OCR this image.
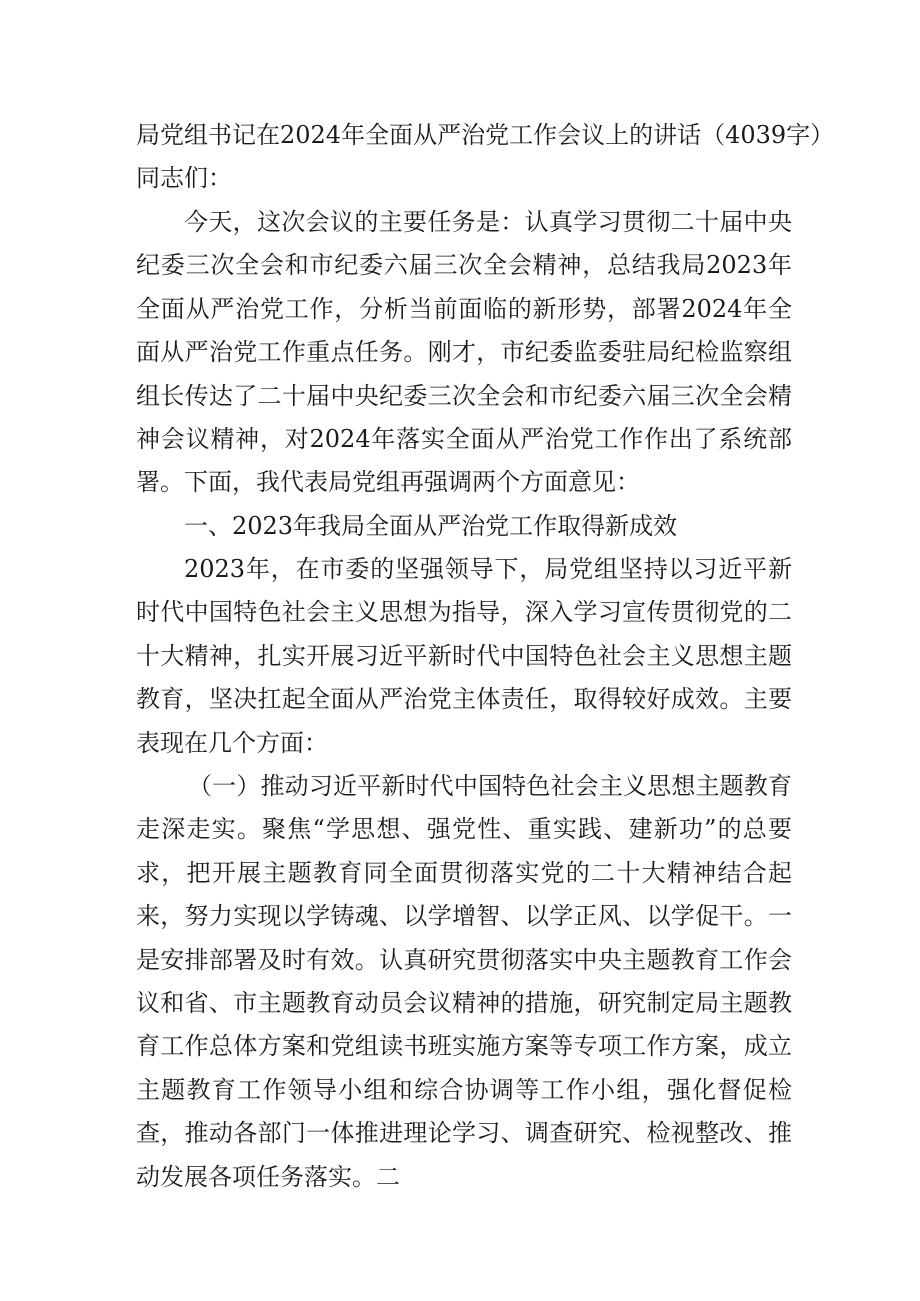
局党组书记在2024年全面从严治党工作会议上的讲话（4039字）
同志们：
今天，这次会议的主要任务是：认真学习贯彻二十届中央纪委三次全会和市纪委六届三次全会精神，总结我局2023年全面从严治党工作，分析当前面临的新形势，部署2024年全面从严治党工作重点任务。刚才，市纪委监委驻局纪检监察组组长传达了二十届中央纪委三次全会和市纪委六届三次全会精神会议精神，对2024年落实全面从严治党工作作出了系统部署。下面，我代表局党组再强调两个方面意见：
一、2023年我局全面从严治党工作取得新成效
2023年，在市委的坚强领导下，局党组坚持以习近平新时代中国特色社会主义思想为指导，深入学习宣传贯彻党的二十大精神，扎实开展习近平新时代中国特色社会主义思想主题教育，坚决扛起全面从严治党主体责任，取得较好成效。主要表现在几个方面：
（一）推动习近平新时代中国特色社会主义思想主题教育走深走实。聚焦“学思想、强党性、重实践、建新功”的总要求，把开展主题教育同全面贯彻落实党的二十大精神结合起来，努力实现以学铸魂、以学增智、以学正风、以学促干。一是安排部署及时有效。认真研究贯彻落实中央主题教育工作会议和省、市主题教育动员会议精神的措施，研究制定局主题教育工作总体方案和党组读书班实施方案等专项工作方案，成立主题教育工作领导小组和综合协调等工作小组，强化督促检查，推动各部门一体推进理论学习、调查研究、检视整改、推动发展各项任务落实。二
